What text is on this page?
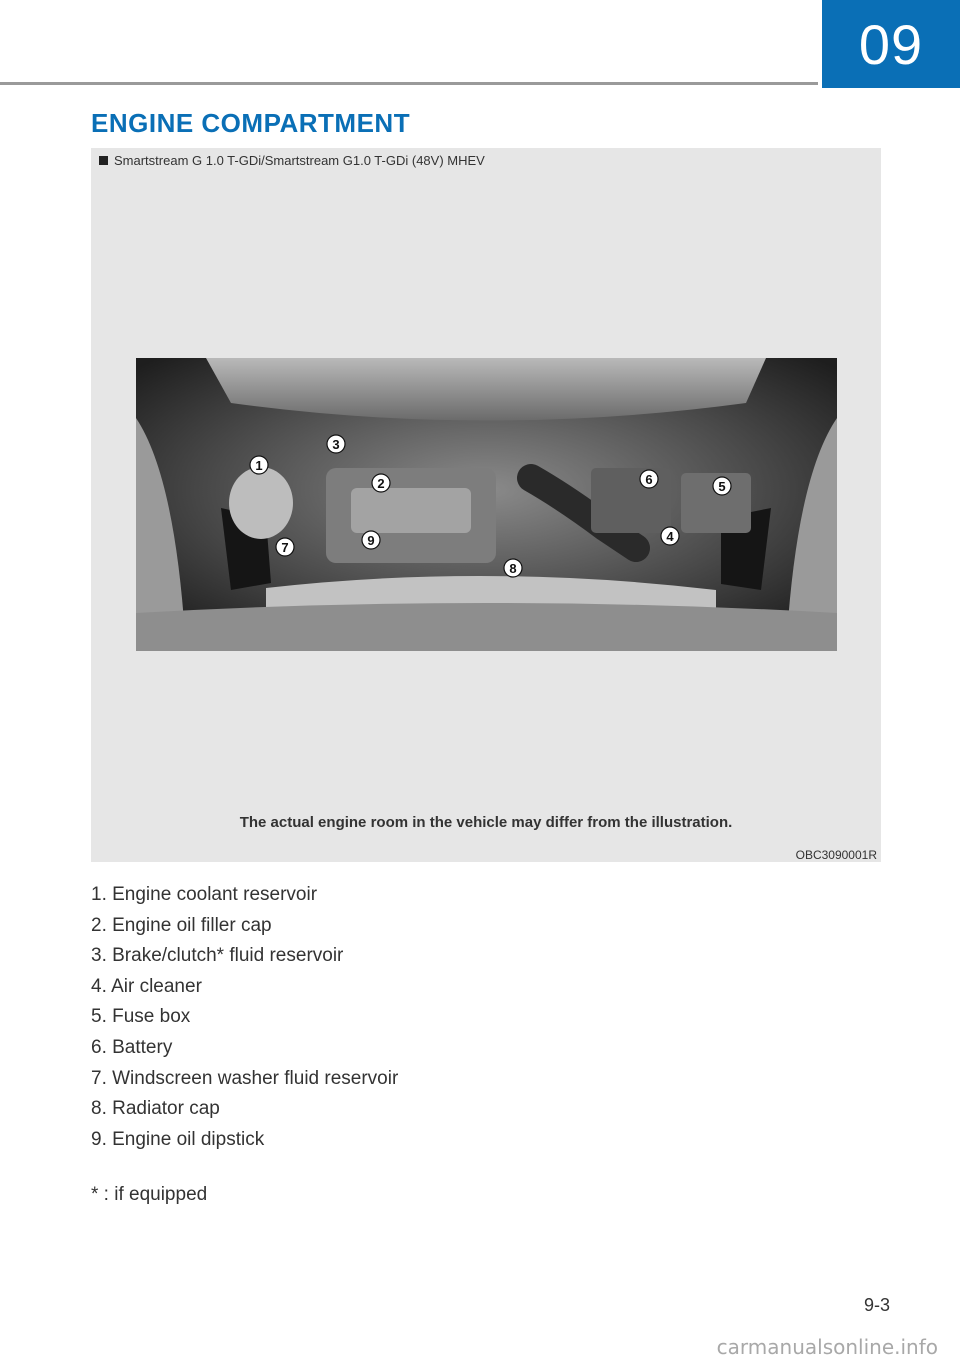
09
ENGINE COMPARTMENT
Smartstream G 1.0 T-GDi/Smartstream G1.0 T-GDi (48V) MHEV
1
2
3
4
5
6
7
8
9
The actual engine room in the vehicle may differ from the illustration.
OBC3090001R
1. Engine coolant reservoir
2. Engine oil filler cap
3. Brake/clutch* fluid reservoir
4. Air cleaner
5. Fuse box
6. Battery
7. Windscreen washer fluid reservoir
8. Radiator cap
9. Engine oil dipstick
* : if equipped
9-3
carmanualsonline.info
